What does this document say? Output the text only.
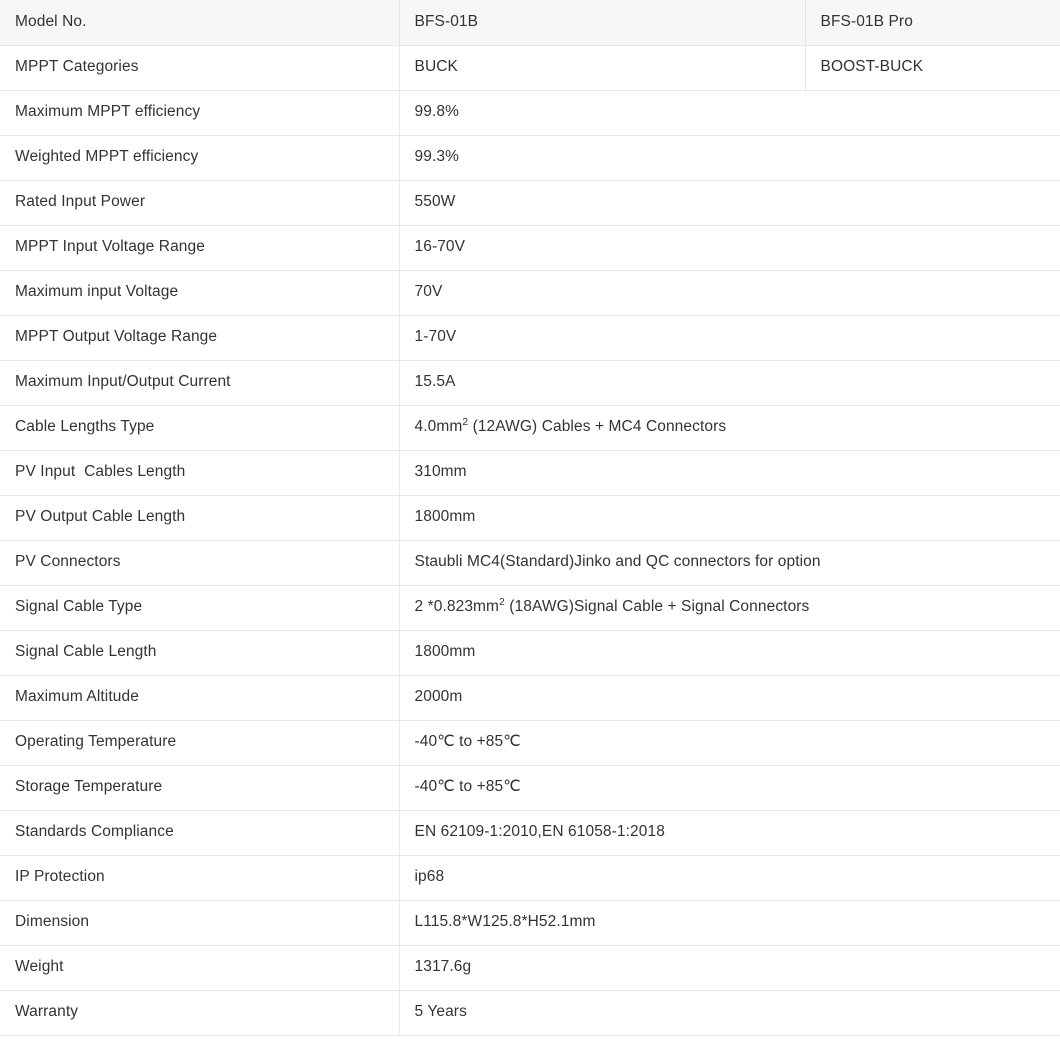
Model No.	BFS-01B	BFS-01B Pro
MPPT Categories	BUCK	BOOST-BUCK
Maximum MPPT efficiency	99.8%	
Weighted MPPT efficiency	99.3%	
Rated Input Power	550W	
MPPT Input Voltage Range	16-70V	
Maximum input Voltage	70V	
MPPT Output Voltage Range	1-70V	
Maximum Input/Output Current	15.5A	
Cable Lengths Type	$4.0mm^2$ (12AWG) Cables + MC4 Connectors	
PV Input  Cables Length	310mm	
PV Output Cable Length	1800mm	
PV Connectors	Staubli MC4(Standard)Jinko and QC connectors for option	
Signal Cable Type	2 $*0.823mm^2$ (18AWG)Signal Cable + Signal Connectors	
Signal Cable Length	1800mm	
Maximum Altitude	2000m	
Operating Temperature	-40℃ to +85℃	
Storage Temperature	-40℃ to +85℃	
Standards Compliance	EN 62109-1:2010,EN 61058-1:2018	
IP Protection	ip68	
Dimension	L115.8*W125.8*H52.1mm	
Weight	1317.6g	
Warranty	5 Years	
